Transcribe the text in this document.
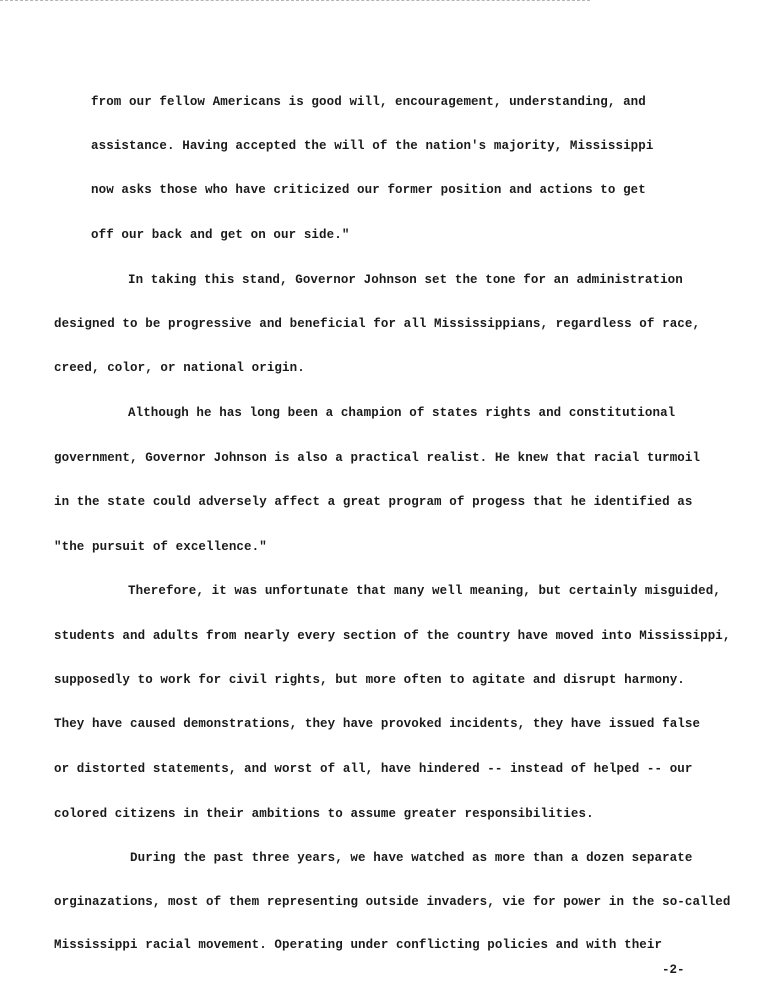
from our fellow Americans is good will, encouragement, understanding, and
assistance. Having accepted the will of the nation's majority, Mississippi
now asks those who have criticized our former position and actions to get
off our back and get on our side."
In taking this stand, Governor Johnson set the tone for an administration
designed to be progressive and beneficial for all Mississippians, regardless of race,
creed, color, or national origin.
Although he has long been a champion of states rights and constitutional
government, Governor Johnson is also a practical realist. He knew that racial turmoil
in the state could adversely affect a great program of progess that he identified as
"the pursuit of excellence."
Therefore, it was unfortunate that many well meaning, but certainly misguided,
students and adults from nearly every section of the country have moved into Mississippi,
supposedly to work for civil rights, but more often to agitate and disrupt harmony.
They have caused demonstrations, they have provoked incidents, they have issued false
or distorted statements, and worst of all, have hindered -- instead of helped -- our
colored citizens in their ambitions to assume greater responsibilities.
During the past three years, we have watched as more than a dozen separate
orginazations, most of them representing outside invaders, vie for power in the so-called
Mississippi racial movement. Operating under conflicting policies and with their
-2-
